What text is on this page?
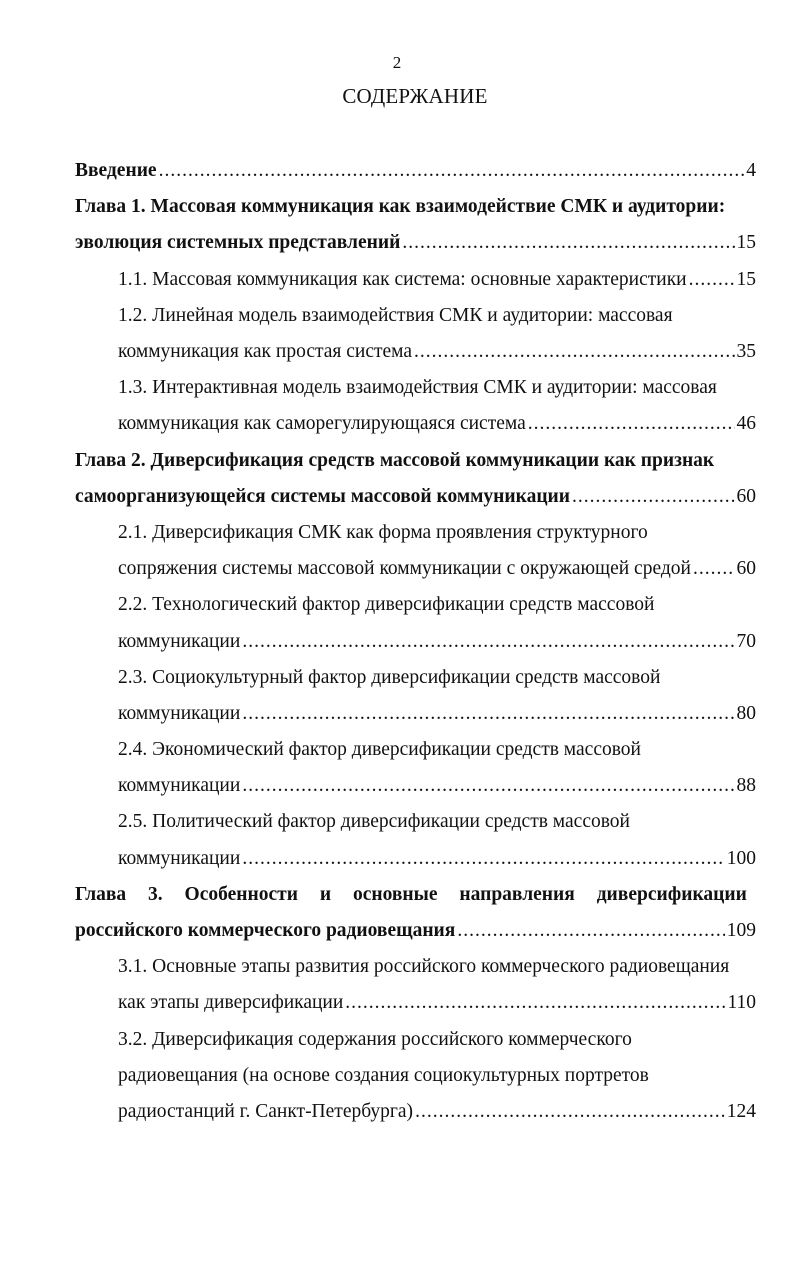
2
СОДЕРЖАНИЕ
Введение .....	4
Глава 1. Массовая коммуникация как взаимодействие СМК и аудитории:
эволюция системных представлений .....	15
1.1. Массовая коммуникация как система: основные характеристики .....	15
1.2. Линейная модель взаимодействия СМК и аудитории: массовая
коммуникация как простая система .....	35
1.3. Интерактивная модель взаимодействия СМК и аудитории: массовая
коммуникация как саморегулирующаяся система .....	46
Глава 2. Диверсификация средств массовой коммуникации как признак
самоорганизующейся системы массовой коммуникации .....	60
2.1. Диверсификация СМК как форма проявления структурного
сопряжения системы массовой коммуникации с окружающей средой ..... 60
2.2. Технологический фактор диверсификации средств массовой
коммуникации .....	70
2.3. Социокультурный фактор диверсификации средств массовой
коммуникации .....	80
2.4. Экономический фактор диверсификации средств массовой
коммуникации .....	88
2.5. Политический фактор диверсификации средств массовой
коммуникации .....	100
Глава 3. Особенности и основные направления диверсификации
российского коммерческого радиовещания .....	109
3.1. Основные этапы развития российского коммерческого радиовещания
как этапы диверсификации .....	110
3.2. Диверсификация содержания российского коммерческого
радиовещания (на основе создания социокультурных портретов
радиостанций г. Санкт-Петербурга) .....	124
